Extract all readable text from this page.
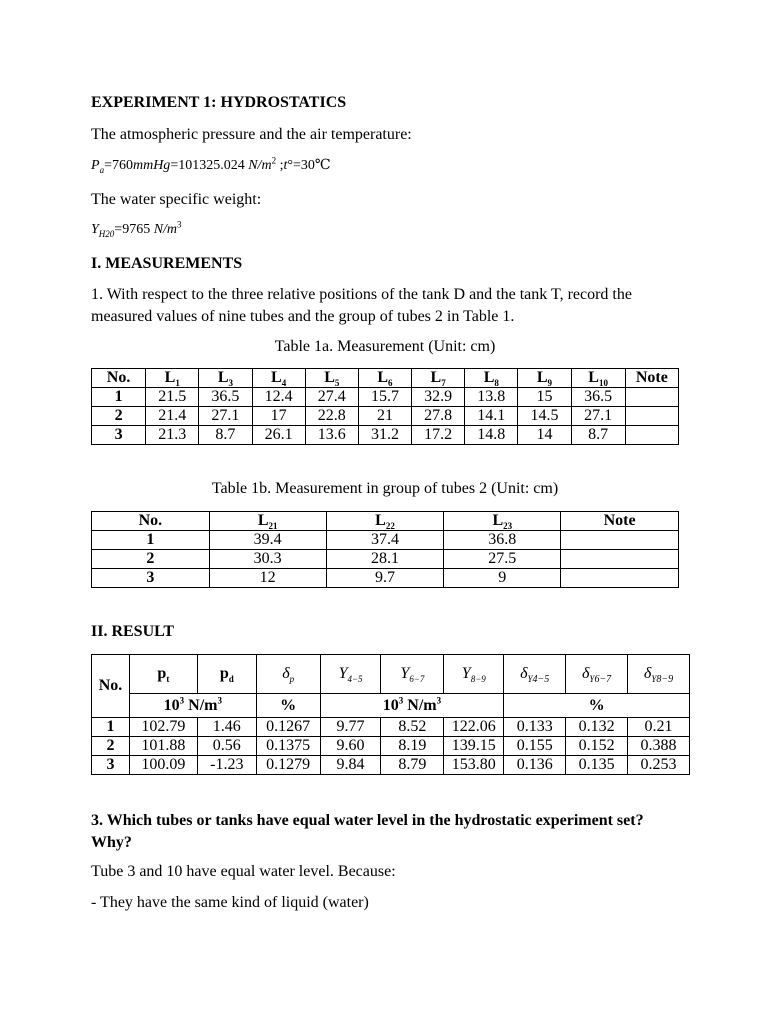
EXPERIMENT 1: HYDROSTATICS
The atmospheric pressure and the air temperature:
$P_a=760mmHg=101325.024$ $N/m^2$ ;t°=30℃
The water specific weight:
$Y_{H20}=9765$ $N/m^3$
I. MEASUREMENTS
1. With respect to the three relative positions of the tank D and the tank T, record the measured values of nine tubes and the group of tubes 2 in Table 1.
Table 1a. Measurement (Unit: cm)
No.	$L_1$	$L_3$	$L_4$	$L_5$	$L_6$	$L_7$	$L_8$	$L_9$	$L_{10}$	Note
1	21.5	36.5	12.4	27.4	15.7	32.9	13.8	15	36.5	
2	21.4	27.1	17	22.8	21	27.8	14.1	14.5	27.1	
3	21.3	8.7	26.1	13.6	31.2	17.2	14.8	14	8.7	
Table 1b. Measurement in group of tubes 2 (Unit: cm)
No.	$L_{21}$	$L_{22}$	$L_{23}$	Note
1	39.4	37.4	36.8	
2	30.3	28.1	27.5	
3	12	9.7	9	
II. RESULT
No.	$p_t$	$p_d$	$\delta_p$	$Y_{4-5}$	$Y_{6-7}$	$Y_{8-9}$	$\delta_{Y4-5}$	$\delta_{Y6-7}$	$\delta_{Y8-9}$
	$10^3$ $N/m^3$		%	$10^3$ $N/m^3$			%		
1	102.79	1.46	0.1267	9.77	8.52	122.06	0.133	0.132	0.21
2	101.88	0.56	0.1375	9.60	8.19	139.15	0.155	0.152	0.388
3	100.09	-1.23	0.1279	9.84	8.79	153.80	0.136	0.135	0.253
3. Which tubes or tanks have equal water level in the hydrostatic experiment set? Why?
Tube 3 and 10 have equal water level. Because:
- They have the same kind of liquid (water)
